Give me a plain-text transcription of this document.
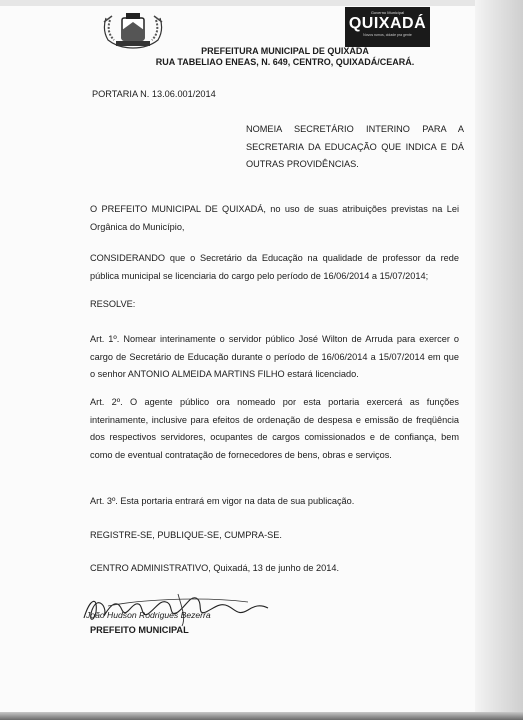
Governo Municipal
QUIXADÁ
Novos rumos, cidade pra gente
PREFEITURA MUNICIPAL DE QUIXADÁ
RUA TABELIAO ENEAS, N. 649, CENTRO, QUIXADÁ/CEARÁ.

PORTARIA N. 13.06.001/2014

NOMEIA SECRETÁRIO INTERINO PARA A SECRETARIA DA EDUCAÇÃO QUE INDICA E DÁ OUTRAS PROVIDÊNCIAS.

O PREFEITO MUNICIPAL DE QUIXADÁ, no uso de suas atribuições previstas na Lei Orgânica do Município,

CONSIDERANDO que o Secretário da Educação na qualidade de professor da rede pública municipal se licenciaria do cargo pelo período de 16/06/2014 a 15/07/2014;

RESOLVE:

Art. 1º. Nomear interinamente o servidor público José Wilton de Arruda para exercer o cargo de Secretário de Educação durante o período de 16/06/2014 a 15/07/2014 em que o senhor ANTONIO ALMEIDA MARTINS FILHO estará licenciado.

Art. 2º. O agente público ora nomeado por esta portaria exercerá as funções interinamente, inclusive para efeitos de ordenação de despesa e emissão de freqüência dos respectivos servidores, ocupantes de cargos comissionados e de confiança, bem como de eventual contratação de fornecedores de bens, obras e serviços.

Art. 3º. Esta portaria entrará em vigor na data de sua publicação.

REGISTRE-SE, PUBLIQUE-SE, CUMPRA-SE.

CENTRO ADMINISTRATIVO, Quixadá, 13 de junho de 2014.

João Hudson Rodrigues Bezerra

PREFEITO MUNICIPAL
